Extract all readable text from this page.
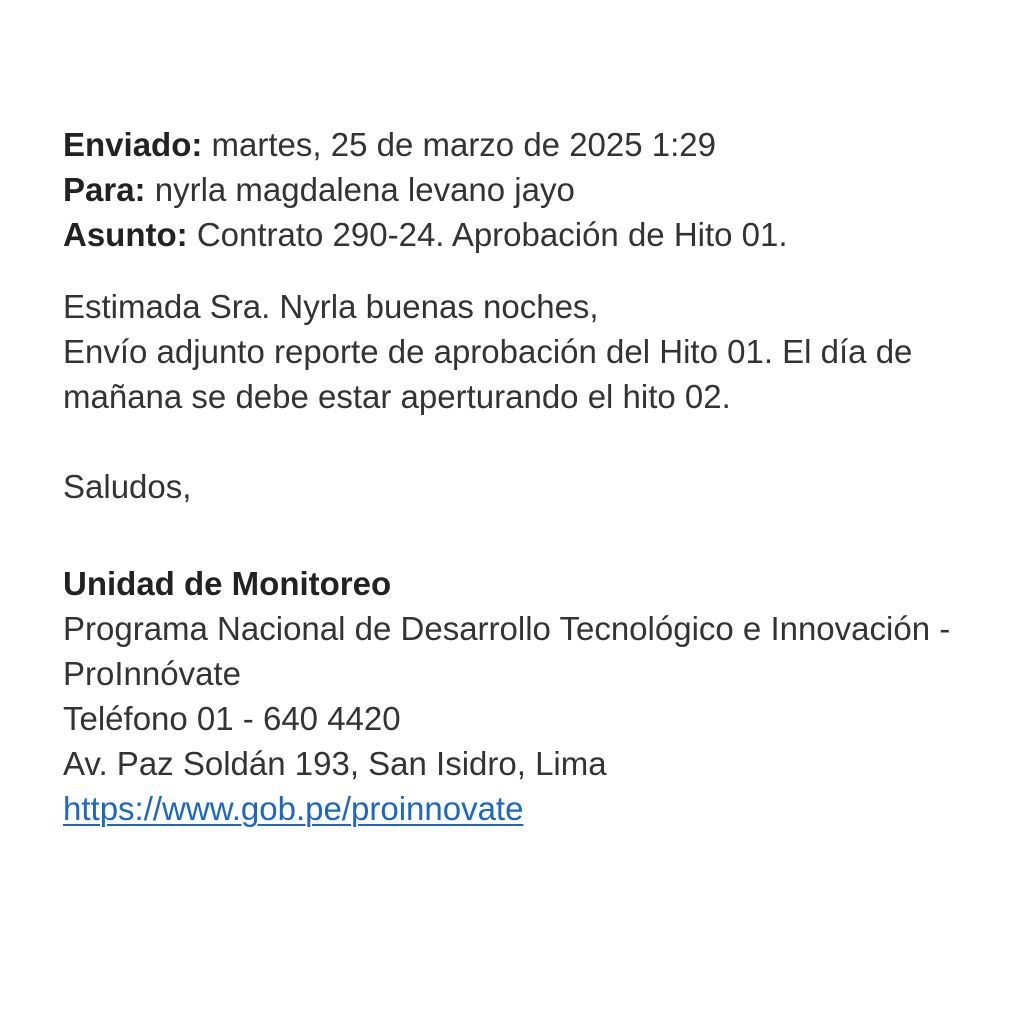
Enviado: martes, 25 de marzo de 2025 1:29
Para: nyrla magdalena levano jayo
Asunto: Contrato 290-24. Aprobación de Hito 01.
Estimada Sra. Nyrla buenas noches,
Envío adjunto reporte de aprobación del Hito 01. El día de mañana se debe estar aperturando el hito 02.
Saludos,
Unidad de Monitoreo
Programa Nacional de Desarrollo Tecnológico e Innovación - ProInnóvate
Teléfono 01 - 640 4420
Av. Paz Soldán 193, San Isidro, Lima
https://www.gob.pe/proinnovate
